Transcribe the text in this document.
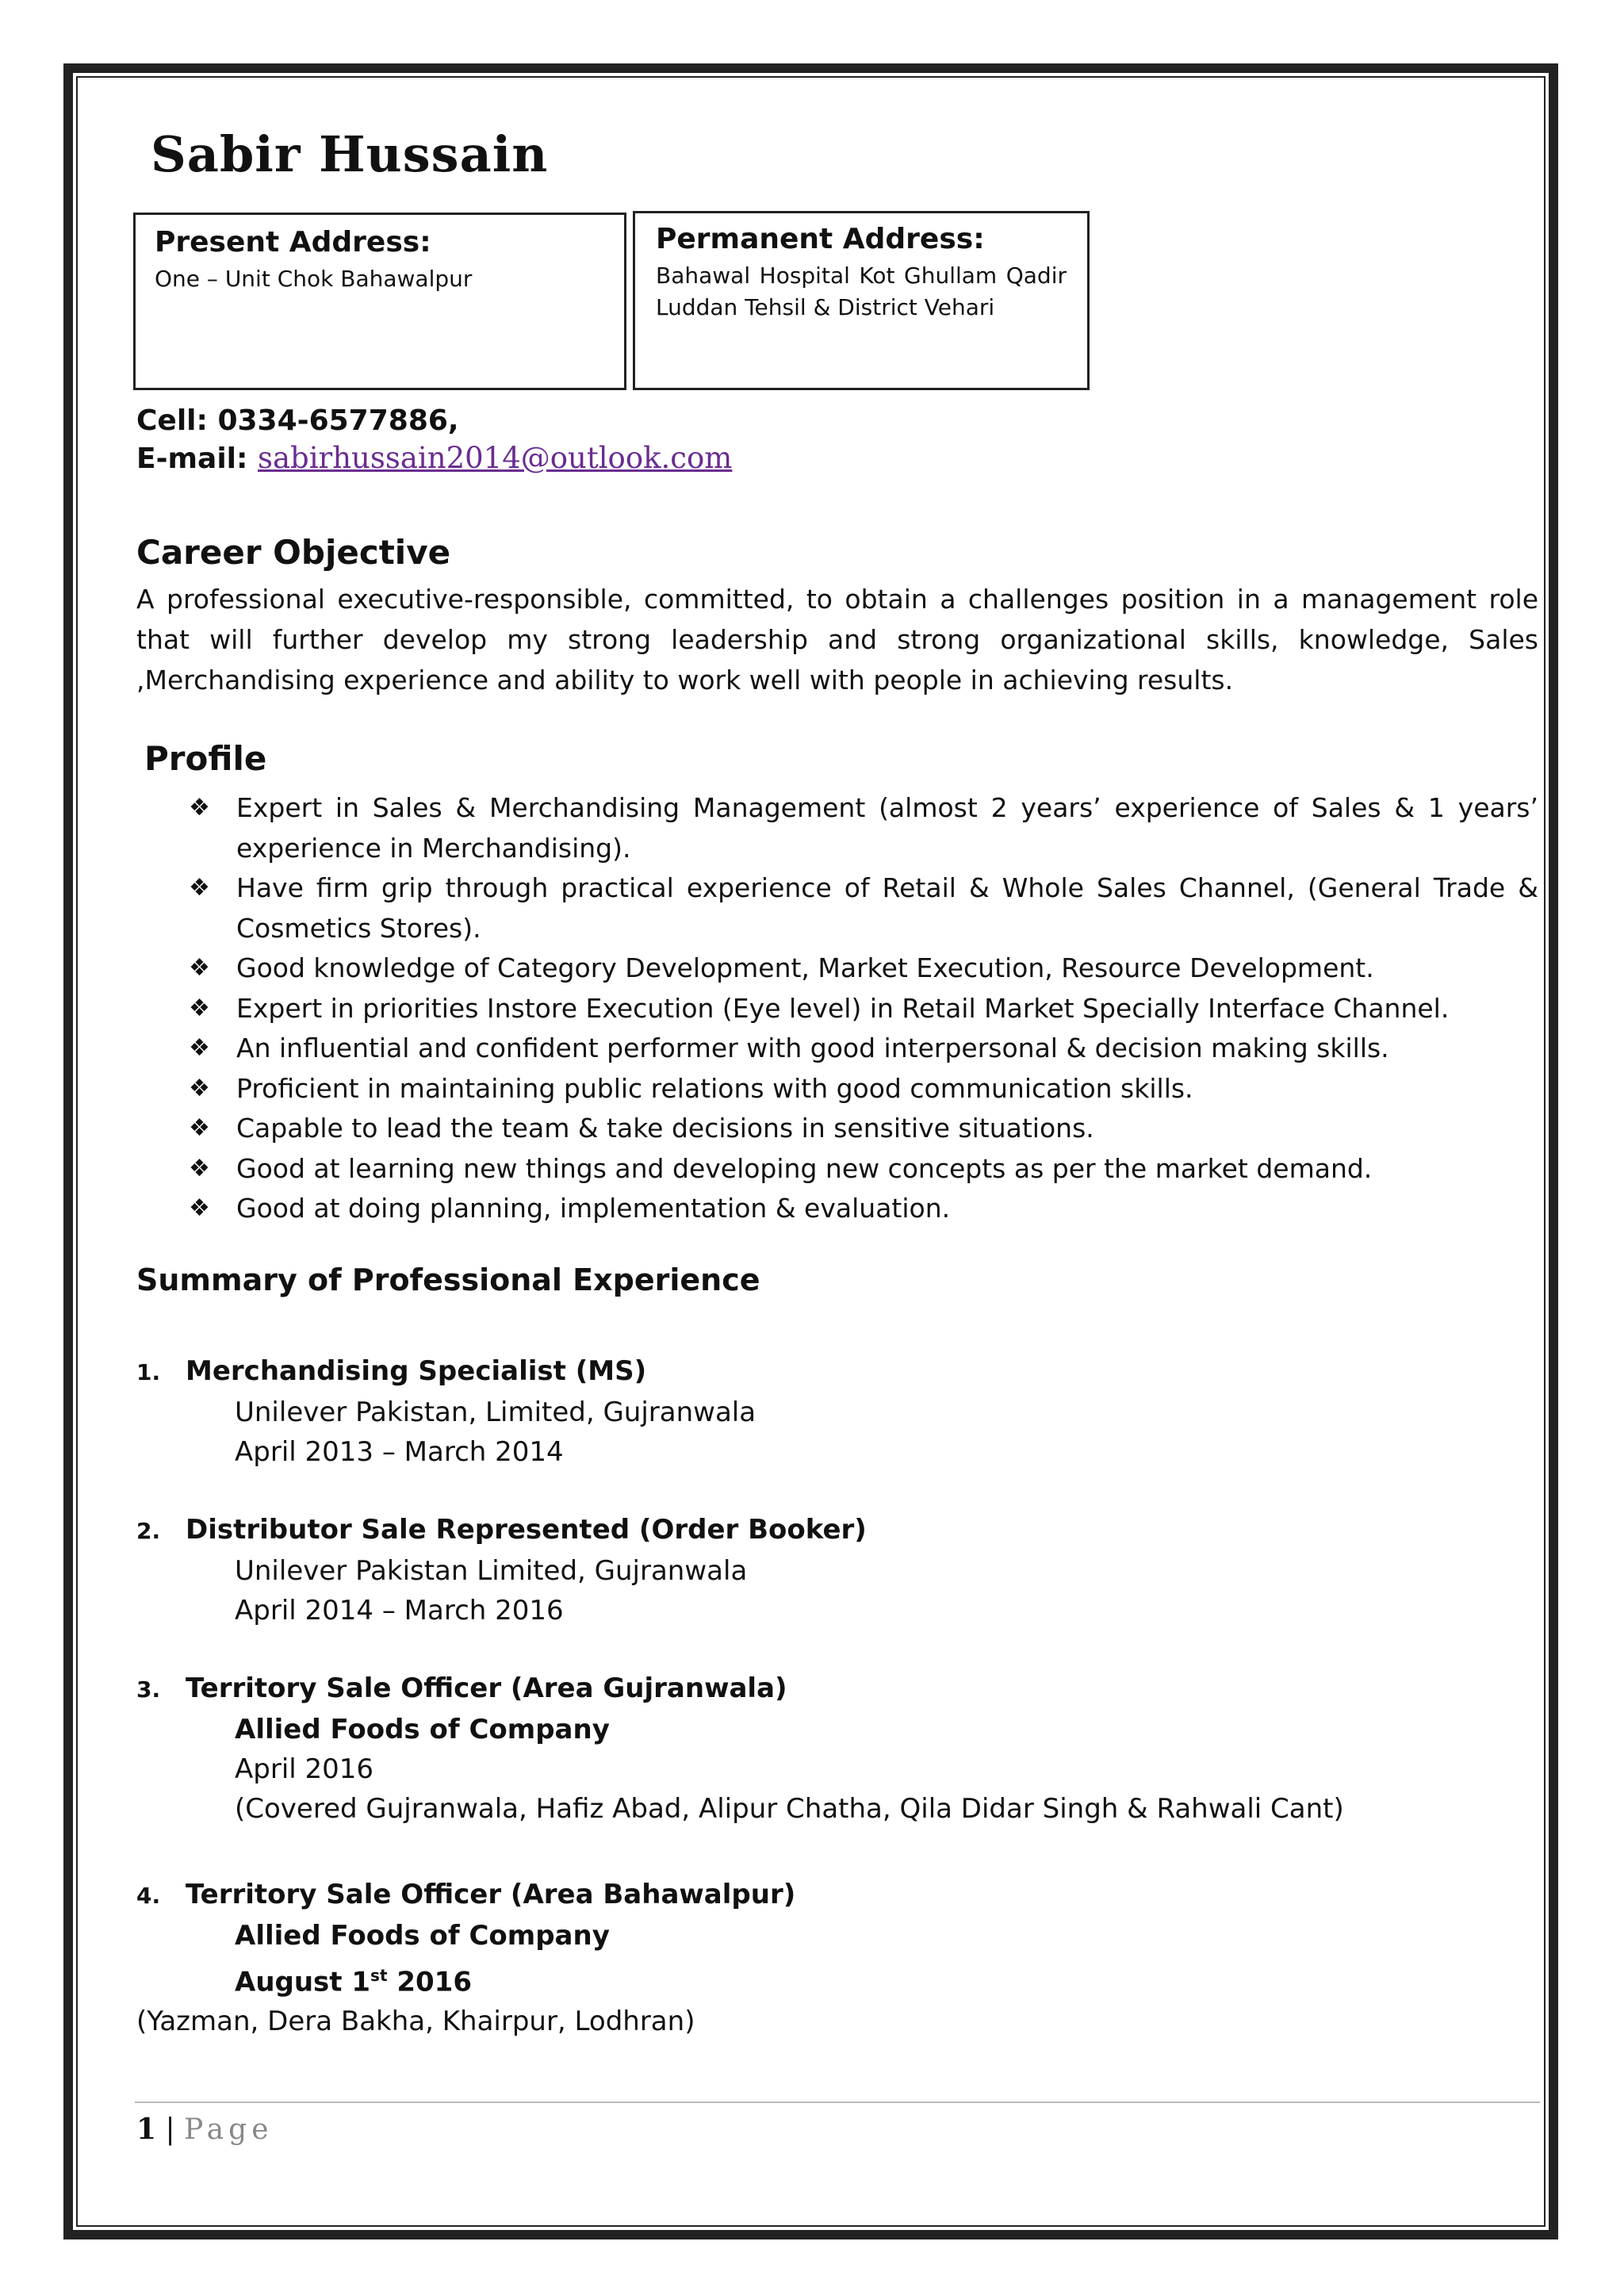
Sabir Hussain
Present Address:
One – Unit Chok Bahawalpur
Permanent Address:
Bahawal Hospital Kot Ghullam Qadir Luddan Tehsil & District Vehari
Cell: 0334-6577886,
E-mail: sabirhussain2014@outlook.com
Career Objective
A professional executive-responsible, committed, to obtain a challenges position in a management role that will further develop my strong leadership and strong organizational skills, knowledge, Sales ,Merchandising experience and ability to work well with people in achieving results.
Profile
❖ Expert in Sales & Merchandising Management (almost 2 years’ experience of Sales & 1 years’ experience in Merchandising).
❖ Have firm grip through practical experience of Retail & Whole Sales Channel, (General Trade & Cosmetics Stores).
❖ Good knowledge of Category Development, Market Execution, Resource Development.
❖ Expert in priorities Instore Execution (Eye level) in Retail Market Specially Interface Channel.
❖ An influential and confident performer with good interpersonal & decision making skills.
❖ Proficient in maintaining public relations with good communication skills.
❖ Capable to lead the team & take decisions in sensitive situations.
❖ Good at learning new things and developing new concepts as per the market demand.
❖ Good at doing planning, implementation & evaluation.
Summary of Professional Experience
1. Merchandising Specialist (MS)
Unilever Pakistan, Limited, Gujranwala
April 2013 – March 2014
2. Distributor Sale Represented (Order Booker)
Unilever Pakistan Limited, Gujranwala
April 2014 – March 2016
3. Territory Sale Officer (Area Gujranwala)
Allied Foods of Company
April 2016
(Covered Gujranwala, Hafiz Abad, Alipur Chatha, Qila Didar Singh & Rahwali Cant)
4. Territory Sale Officer (Area Bahawalpur)
Allied Foods of Company
August 1st 2016
(Yazman, Dera Bakha, Khairpur, Lodhran)
1 | Page
